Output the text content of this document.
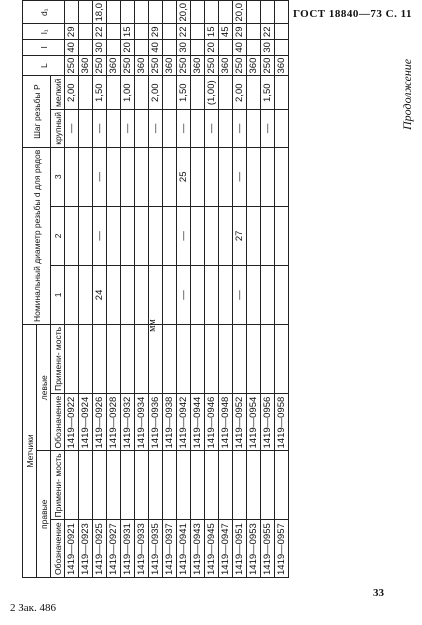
ГОСТ 18840—73 С. 11
Продолжение
мм
Метчики				Номинальный диаметр резьбы d для рядов			Шаг резьбы P		L	l	l₁	d₁					
правые		левые															
Обозначение	Примени- мость	Обозначение	Примени- мость	1	2	3	крупный	мелкий									
1419—0921		1419—0922					—	2,00	250	40	29						
1419—0923		1419—0924							360								
1419—0925		1419—0926		24	—	—	—	1,50	250	30	22	18,0					
1419—0927		1419—0928							360								
1419—0931		1419—0932					—	1,00	250	20	15						
1419—0933		1419—0934							360								
1419—0935		1419—0936					—	2,00	250	40	29						
1419—0937		1419—0938							360								
1419—0941		1419—0942		—	—	25	—	1,50	250	30	22	20,0					
1419—0943		1419—0944							360								
1419—0945		1419—0946					—	(1,00)	250	20	15						
1419—0947		1419—0948							360		45						
1419—0951		1419—0952		—	27	—	—	2,00	250	40	29	20,0					
1419—0953		1419—0954							360								
1419—0955		1419—0956					—	1,50	250	30	22						
1419—0957		1419—0958							360								
33
2 Зак. 486
